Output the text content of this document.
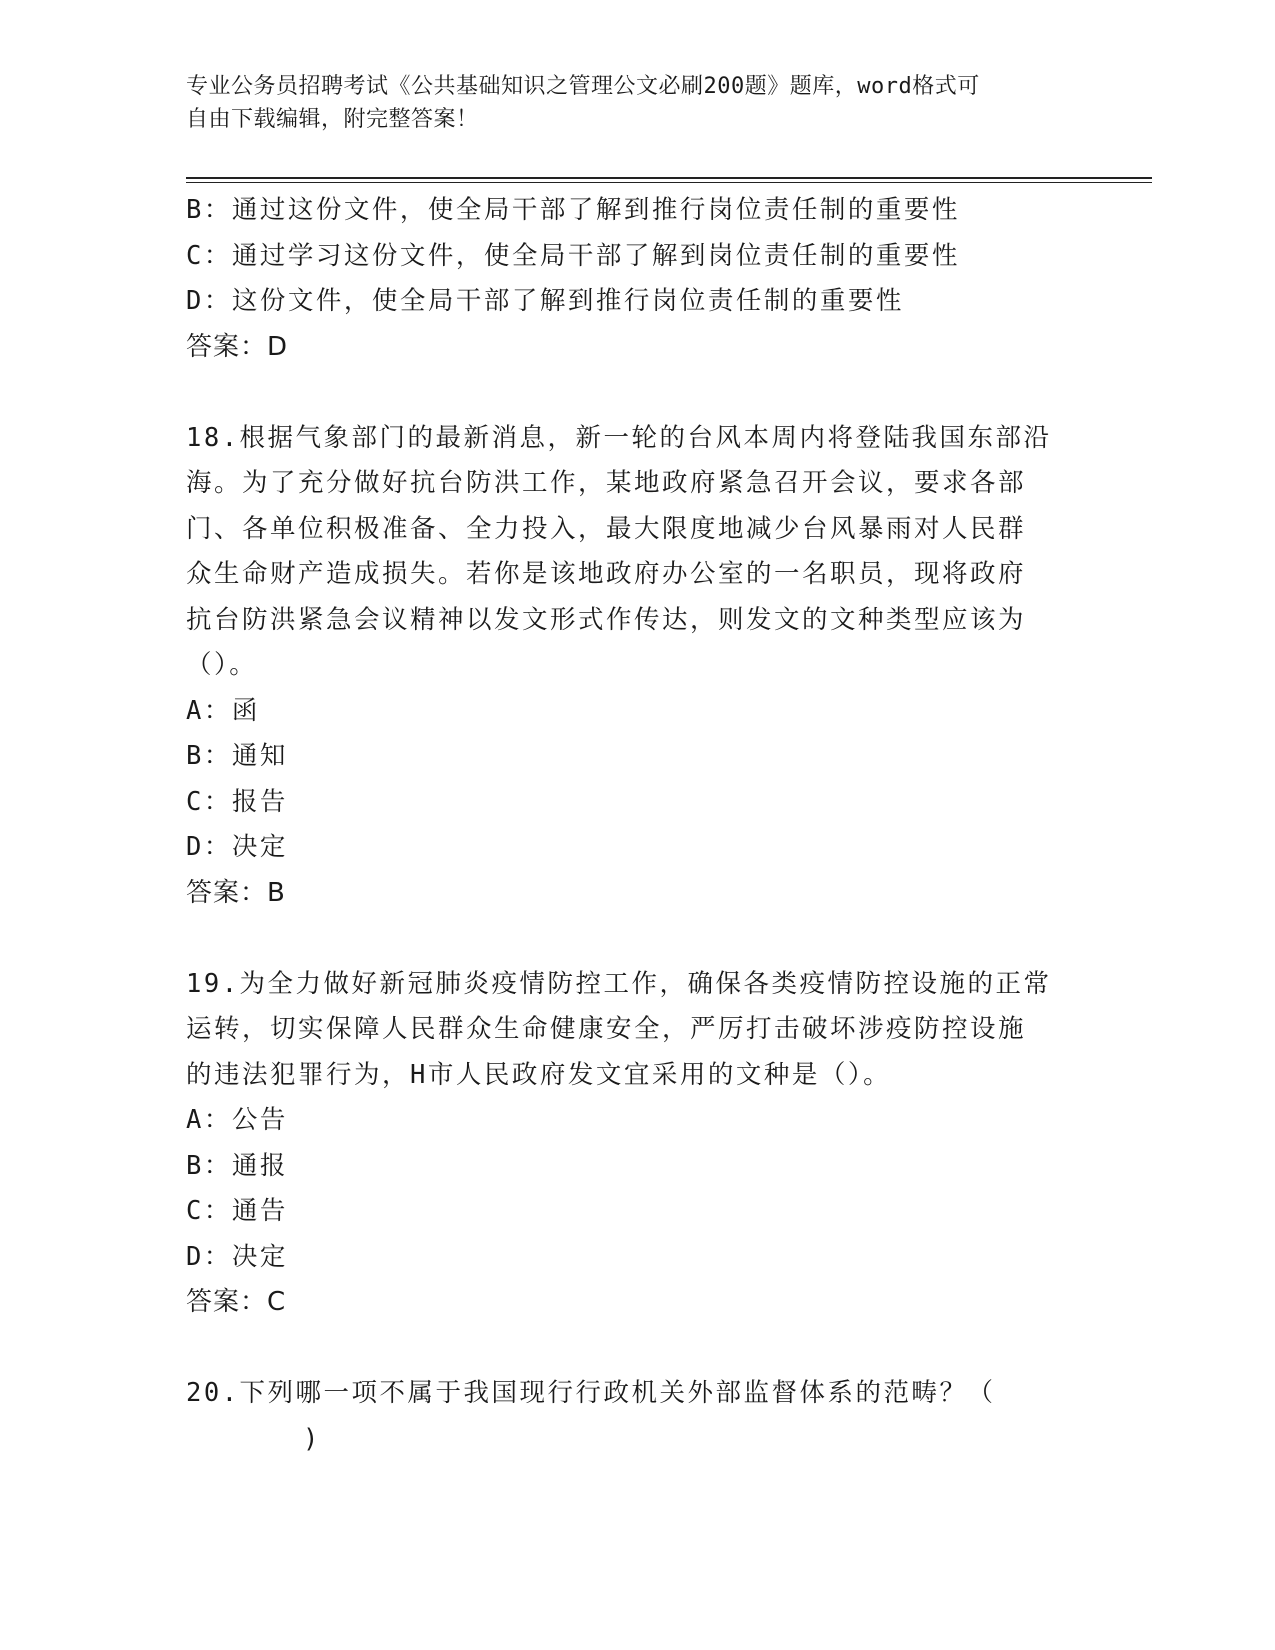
专业公务员招聘考试《公共基础知识之管理公文必刷200题》题库，word格式可
自由下载编辑，附完整答案！
B：通过这份文件，使全局干部了解到推行岗位责任制的重要性
C：通过学习这份文件，使全局干部了解到岗位责任制的重要性
D：这份文件，使全局干部了解到推行岗位责任制的重要性
答案：D
18.根据气象部门的最新消息，新一轮的台风本周内将登陆我国东部沿
海。为了充分做好抗台防洪工作，某地政府紧急召开会议，要求各部
门、各单位积极准备、全力投入，最大限度地减少台风暴雨对人民群
众生命财产造成损失。若你是该地政府办公室的一名职员，现将政府
抗台防洪紧急会议精神以发文形式作传达，则发文的文种类型应该为
（）。
A：函
B：通知
C：报告
D：决定
答案：B
19.为全力做好新冠肺炎疫情防控工作，确保各类疫情防控设施的正常
运转，切实保障人民群众生命健康安全，严厉打击破坏涉疫防控设施
的违法犯罪行为，H市人民政府发文宜采用的文种是（）。
A：公告
B：通报
C：通告
D：决定
答案：C
20.下列哪一项不属于我国现行行政机关外部监督体系的范畴？（
)
